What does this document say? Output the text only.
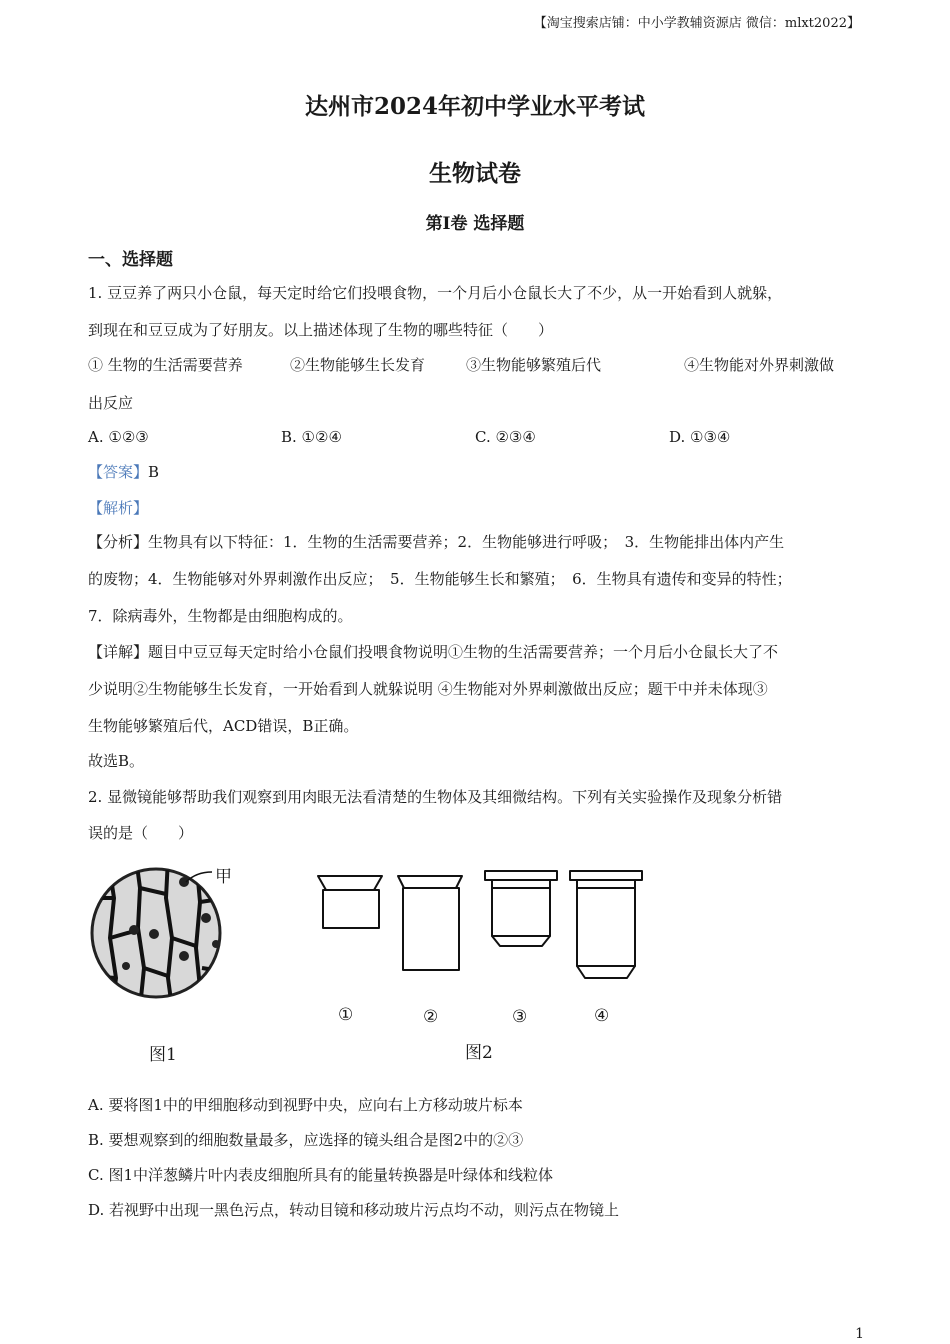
【淘宝搜索店铺：中小学教辅资源店 微信：mlxt2022】
达州市2024年初中学业水平考试
生物试卷
第I卷 选择题
一、选择题
1. 豆豆养了两只小仓鼠，每天定时给它们投喂食物，一个月后小仓鼠长大了不少，从一开始看到人就躲，
到现在和豆豆成为了好朋友。以上描述体现了生物的哪些特征（　　）
① 生物的生活需要营养	②生物能够生长发育	③生物能够繁殖后代	④生物能对外界刺激做
出反应
A. ①②③	B. ①②④	C. ②③④	D. ①③④
【答案】B
【解析】
【分析】生物具有以下特征：1．生物的生活需要营养；2．生物能够进行呼吸；　3．生物能排出体内产生
的废物；4．生物能够对外界刺激作出反应；　5．生物能够生长和繁殖；　6．生物具有遗传和变异的特性；
7．除病毒外，生物都是由细胞构成的。
【详解】题目中豆豆每天定时给小仓鼠们投喂食物说明①生物的生活需要营养；一个月后小仓鼠长大了不
少说明②生物能够生长发育，一开始看到人就躲说明 ④生物能对外界刺激做出反应；题干中并未体现③
生物能够繁殖后代，ACD错误，B正确。
故选B。
2. 显微镜能够帮助我们观察到用肉眼无法看清楚的生物体及其细微结构。下列有关实验操作及现象分析错
误的是（　　）
甲
图1
①	②	③	④
图2
A. 要将图1中的甲细胞移动到视野中央，应向右上方移动玻片标本
B. 要想观察到的细胞数量最多，应选择的镜头组合是图2中的②③
C. 图1中洋葱鳞片叶内表皮细胞所具有的能量转换器是叶绿体和线粒体
D. 若视野中出现一黑色污点，转动目镜和移动玻片污点均不动，则污点在物镜上
1
